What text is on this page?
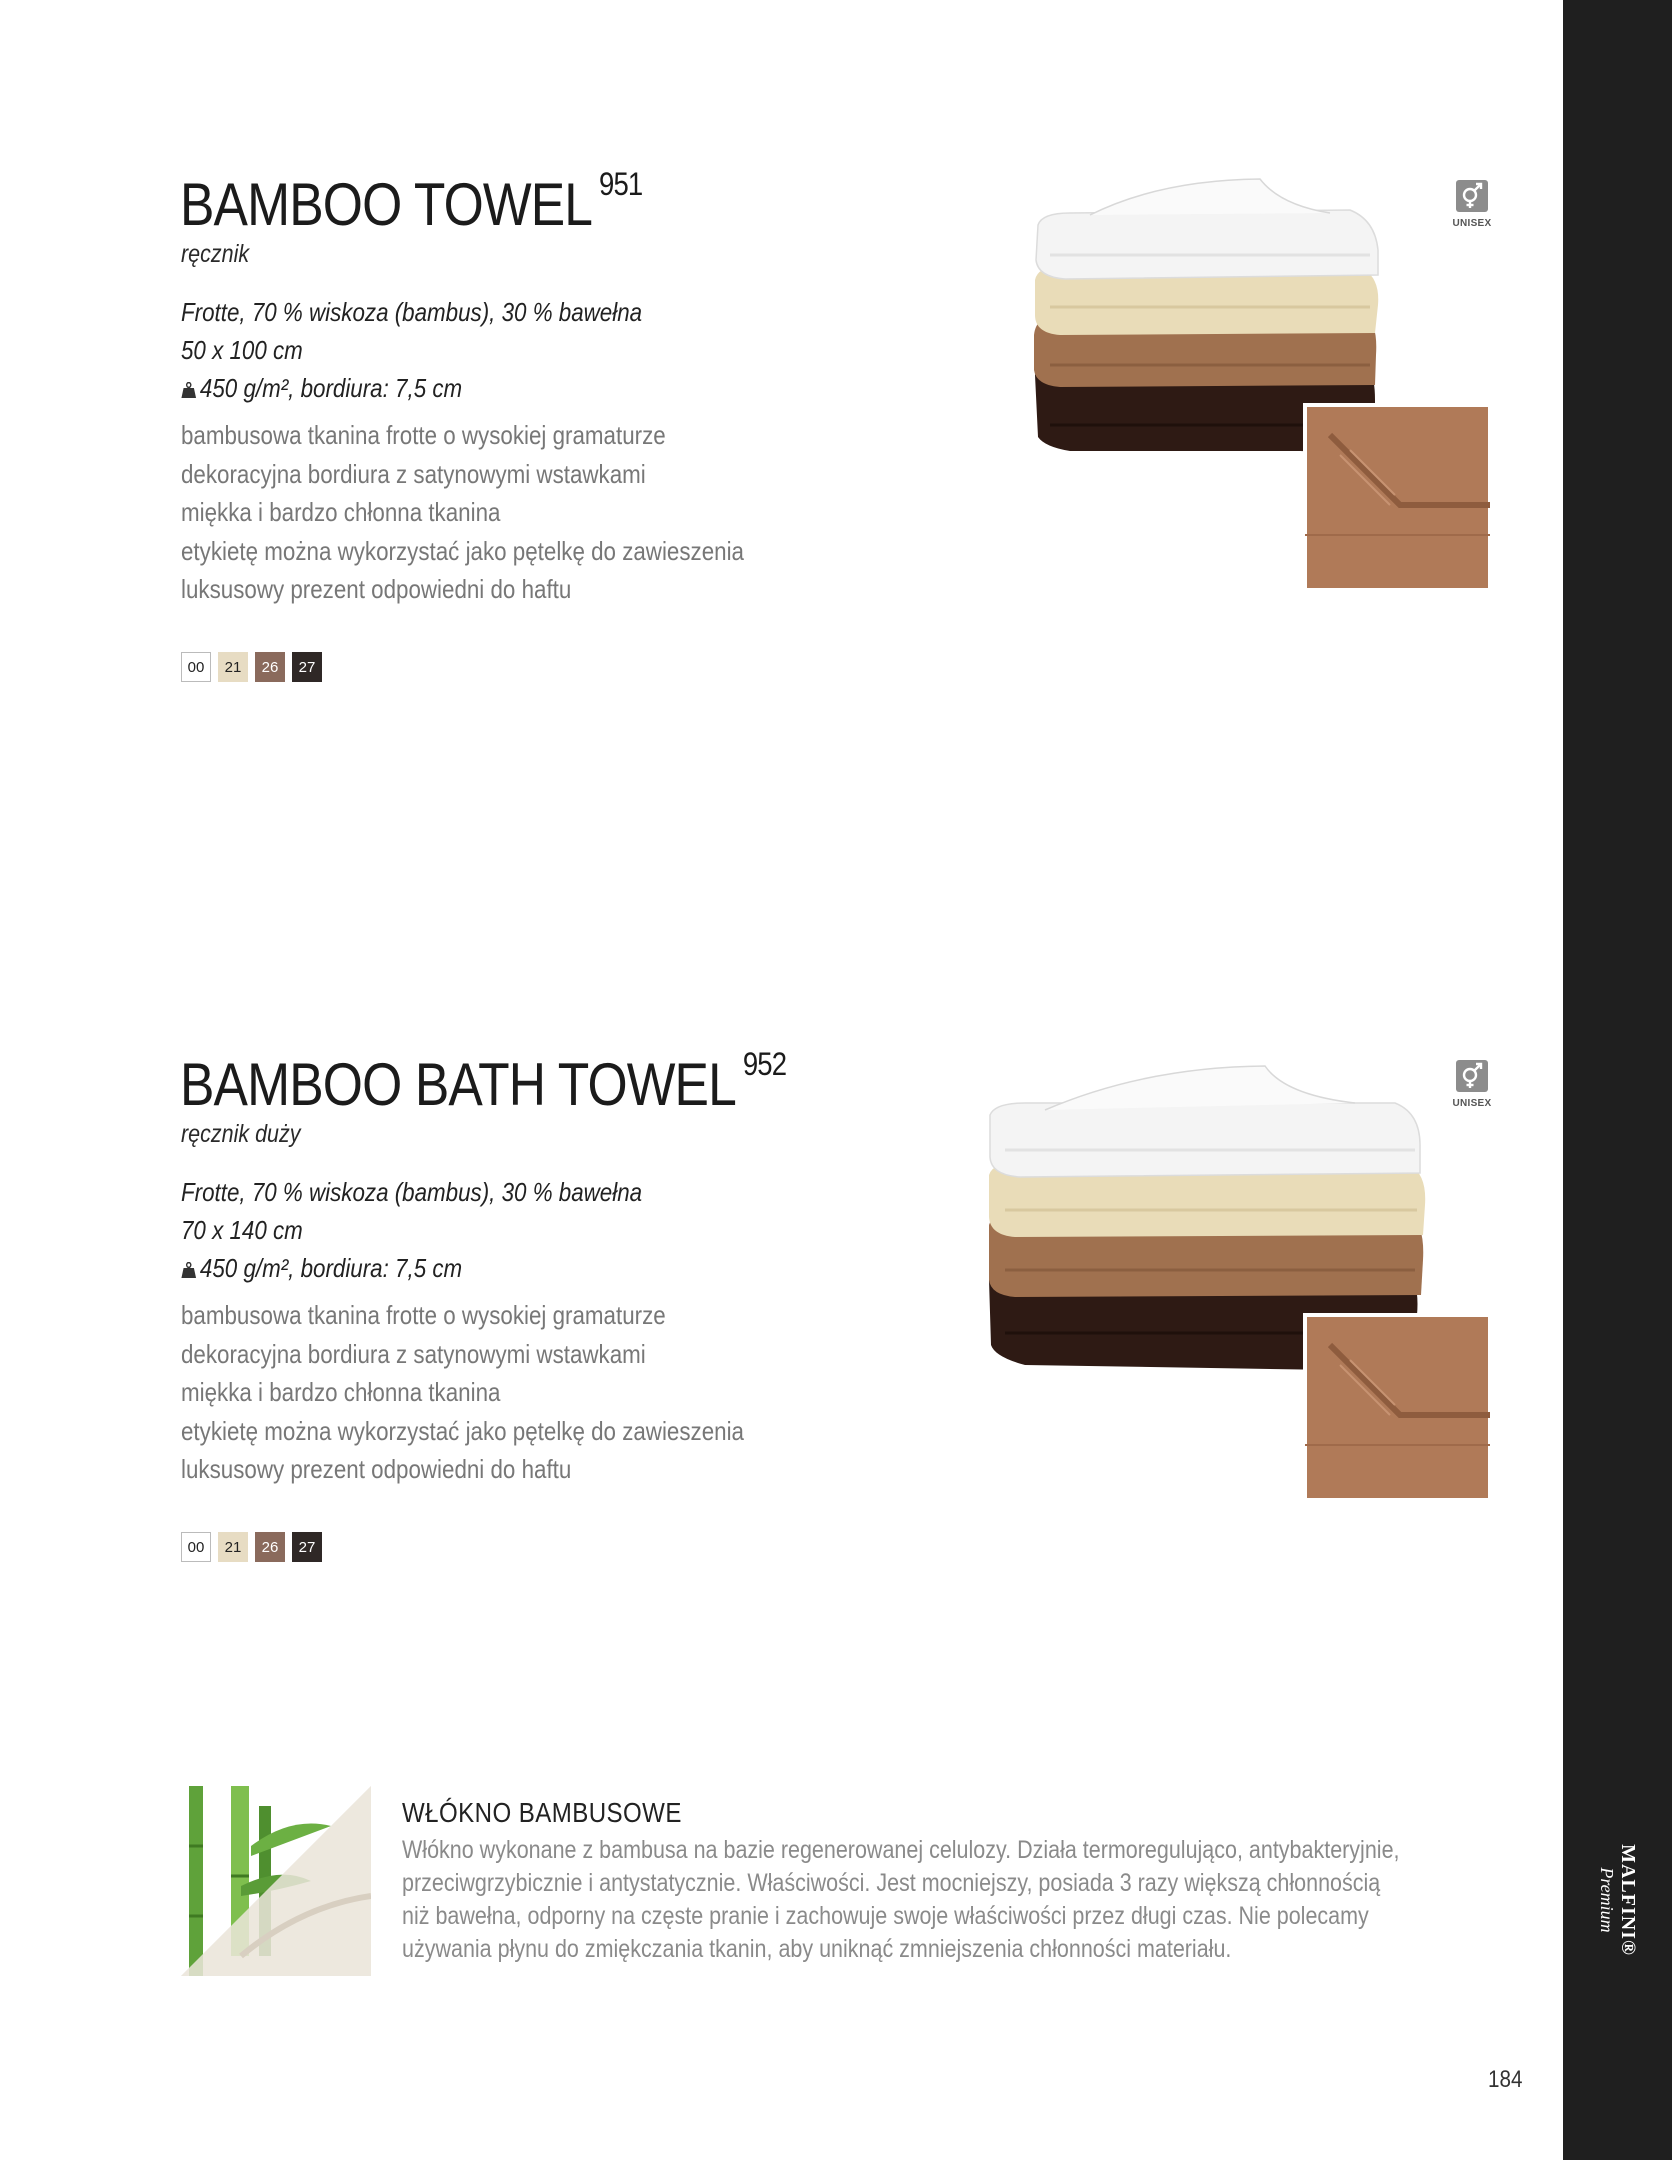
MALFINI®
Premium
BAMBOO TOWEL $^{951}$
ręcznik
Frotte, 70 % wiskoza (bambus), 30 % bawełna
50 x 100 cm
450 g/m², bordiura: 7,5 cm
bambusowa tkanina frotte o wysokiej gramaturze
dekoracyjna bordiura z satynowymi wstawkami
miękka i bardzo chłonna tkanina
etykietę można wykorzystać jako pętelkę do zawieszenia
luksusowy prezent odpowiedni do haftu
00 21 26 27
UNISEX
BAMBOO BATH TOWEL $^{952}$
ręcznik duży
Frotte, 70 % wiskoza (bambus), 30 % bawełna
70 x 140 cm
450 g/m², bordiura: 7,5 cm
bambusowa tkanina frotte o wysokiej gramaturze
dekoracyjna bordiura z satynowymi wstawkami
miękka i bardzo chłonna tkanina
etykietę można wykorzystać jako pętelkę do zawieszenia
luksusowy prezent odpowiedni do haftu
00 21 26 27
UNISEX
WŁÓKNO BAMBUSOWE
Włókno wykonane z bambusa na bazie regenerowanej celulozy. Działa termoregulująco, antybakteryjnie, przeciwgrzybicznie i antystatycznie. Właściwości. Jest mocniejszy, posiada 3 razy większą chłonnością niż bawełna, odporny na częste pranie i zachowuje swoje właściwości przez długi czas. Nie polecamy używania płynu do zmiękczania tkanin, aby uniknąć zmniejszenia chłonności materiału.
184
